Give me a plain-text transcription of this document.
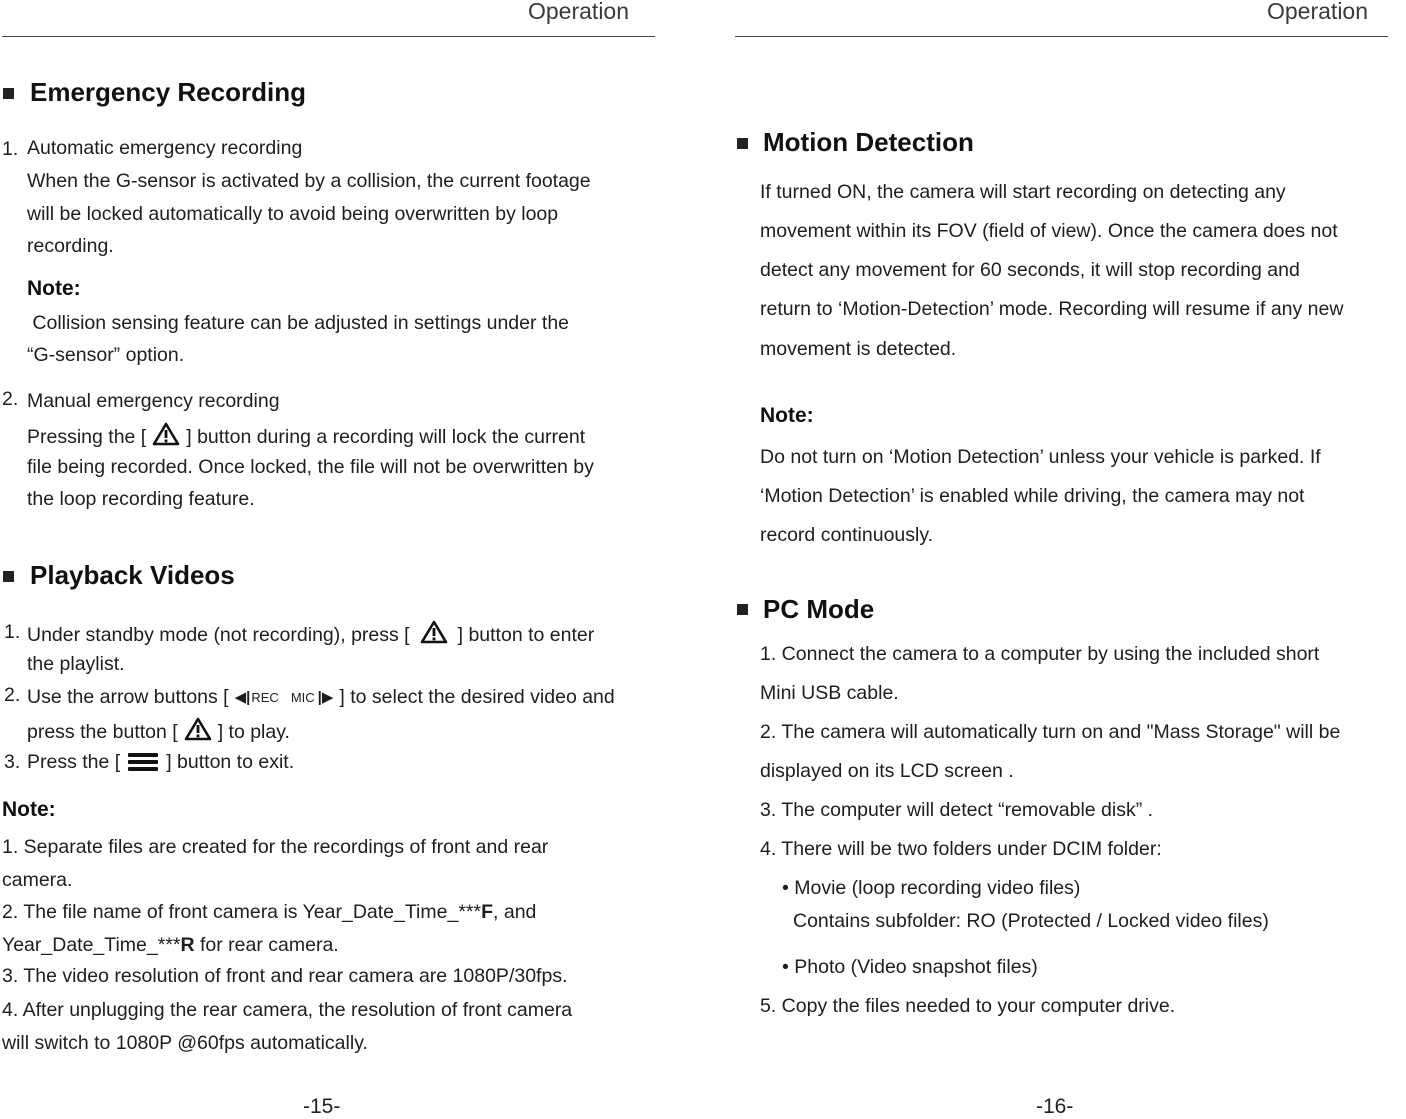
Operation
Emergency Recording
1. Automatic emergency recording
When the G-sensor is activated by a collision, the current footage
will be locked automatically to avoid being overwritten by loop
recording.
Note:
Collision sensing feature can be adjusted in settings under the
“G-sensor” option.
2. Manual emergency recording
Pressing the [ ] button during a recording will lock the current
file being recorded. Once locked, the file will not be overwritten by
the loop recording feature.
Playback Videos
1. Under standby mode (not recording), press [ ] button to enter
the playlist.
2. Use the arrow buttons [ ◀ | REC MIC | ▶ ] to select the desired video and
press the button [ ] to play.
3. Press the [ ] button to exit.
Note:
1. Separate files are created for the recordings of front and rear
camera.
2. The file name of front camera is Year_Date_Time_***F, and
Year_Date_Time_***R for rear camera.
3. The video resolution of front and rear camera are 1080P/30fps.
4. After unplugging the rear camera, the resolution of front camera
will switch to 1080P @60fps automatically.
-15-
Operation
Motion Detection
If turned ON, the camera will start recording on detecting any
movement within its FOV (field of view). Once the camera does not
detect any movement for 60 seconds, it will stop recording and
return to ‘Motion-Detection’ mode. Recording will resume if any new
movement is detected.
Note:
Do not turn on ‘Motion Detection’ unless your vehicle is parked. If
‘Motion Detection’ is enabled while driving, the camera may not
record continuously.
PC Mode
1. Connect the camera to a computer by using the included short
Mini USB cable.
2. The camera will automatically turn on and "Mass Storage" will be
displayed on its LCD screen .
3. The computer will detect “removable disk” .
4. There will be two folders under DCIM folder:
• Movie (loop recording video files)
Contains subfolder: RO (Protected / Locked video files)
• Photo (Video snapshot files)
5. Copy the files needed to your computer drive.
-16-
